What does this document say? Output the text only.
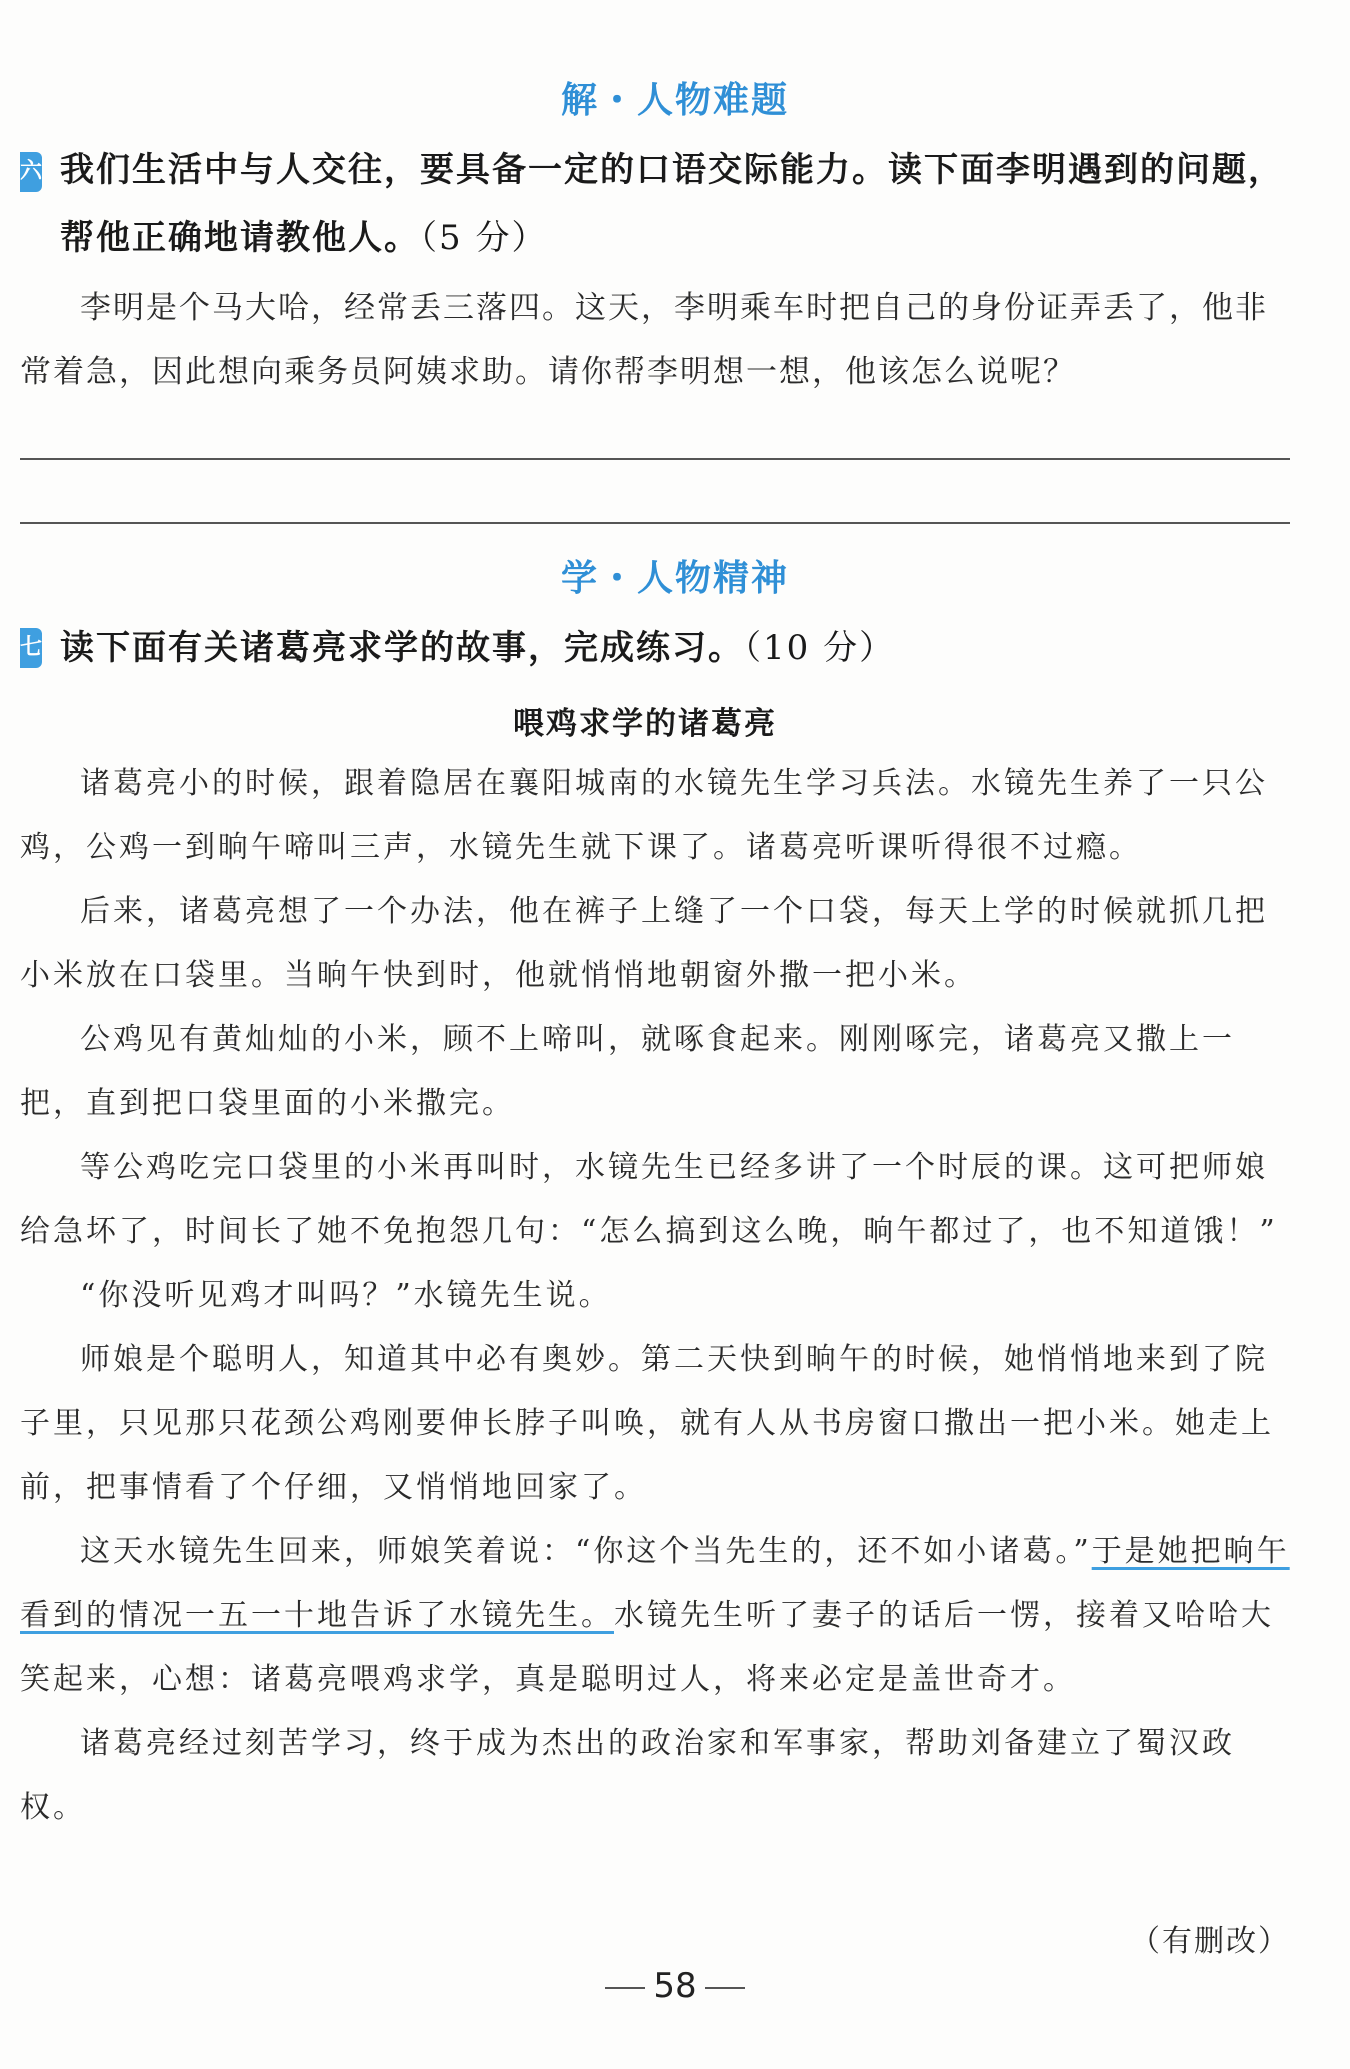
解・人物难题
六 我们生活中与人交往，要具备一定的口语交际能力。读下面李明遇到的问题，帮他正确地请教他人。（5 分）
李明是个马大哈，经常丢三落四。这天，李明乘车时把自己的身份证弄丢了，他非常着急，因此想向乘务员阿姨求助。请你帮李明想一想，他该怎么说呢？
学・人物精神
七 读下面有关诸葛亮求学的故事，完成练习。（10 分）
喂鸡求学的诸葛亮

诸葛亮小的时候，跟着隐居在襄阳城南的水镜先生学习兵法。水镜先生养了一只公鸡，公鸡一到晌午啼叫三声，水镜先生就下课了。诸葛亮听课听得很不过瘾。

后来，诸葛亮想了一个办法，他在裤子上缝了一个口袋，每天上学的时候就抓几把小米放在口袋里。当晌午快到时，他就悄悄地朝窗外撒一把小米。

公鸡见有黄灿灿的小米，顾不上啼叫，就啄食起来。刚刚啄完，诸葛亮又撒上一把，直到把口袋里面的小米撒完。

等公鸡吃完口袋里的小米再叫时，水镜先生已经多讲了一个时辰的课。这可把师娘给急坏了，时间长了她不免抱怨几句：“怎么搞到这么晚，晌午都过了，也不知道饿！”

“你没听见鸡才叫吗？”水镜先生说。

师娘是个聪明人，知道其中必有奥妙。第二天快到晌午的时候，她悄悄地来到了院子里，只见那只花颈公鸡刚要伸长脖子叫唤，就有人从书房窗口撒出一把小米。她走上前，把事情看了个仔细，又悄悄地回家了。

这天水镜先生回来，师娘笑着说：“你这个当先生的，还不如小诸葛。”于是她把晌午看到的情况一五一十地告诉了水镜先生。水镜先生听了妻子的话后一愣，接着又哈哈大笑起来，心想：诸葛亮喂鸡求学，真是聪明过人，将来必定是盖世奇才。

诸葛亮经过刻苦学习，终于成为杰出的政治家和军事家，帮助刘备建立了蜀汉政权。

（有删改）
58
